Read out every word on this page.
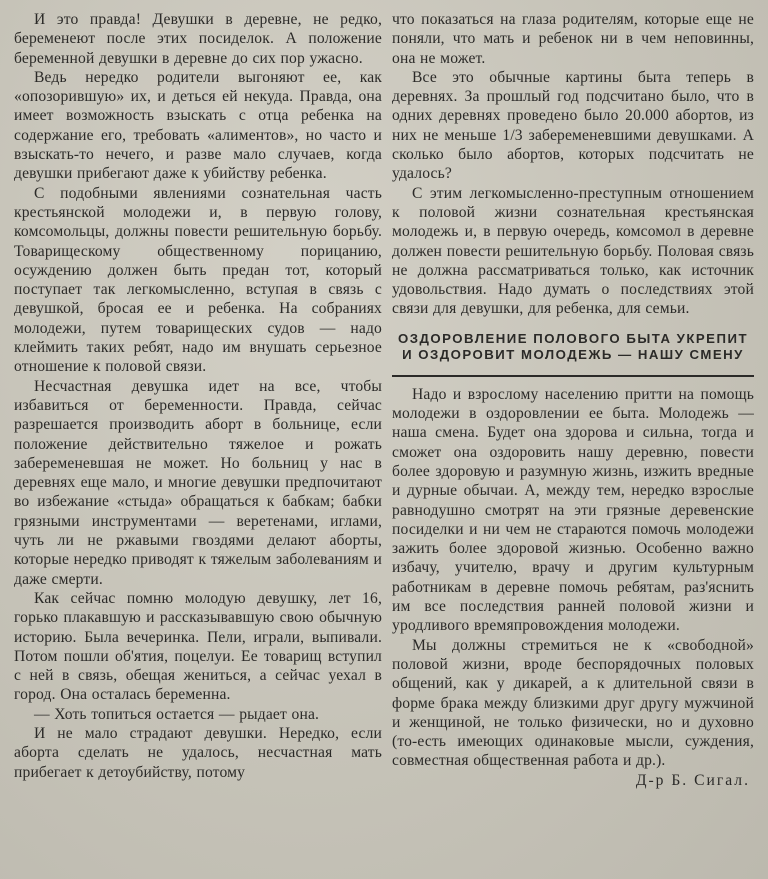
И это правда! Девушки в деревне, не редко, беременеют после этих посиделок. А положение беременной девушки в деревне до сих пор ужасно.

Ведь нередко родители выгоняют ее, как «опозорившую» их, и деться ей некуда. Правда, она имеет возможность взыскать с отца ребенка на содержание его, требовать «алиментов», но часто и взыскать-то нечего, и разве мало случаев, когда девушки прибегают даже к убийству ребенка.

С подобными явлениями сознательная часть крестьянской молодежи и, в первую голову, комсомольцы, должны повести решительную борьбу. Товарищескому общественному порицанию, осуждению должен быть предан тот, который поступает так легкомысленно, вступая в связь с девушкой, бросая ее и ребенка. На собраниях молодежи, путем товарищеских судов — надо клеймить таких ребят, надо им внушать серьезное отношение к половой связи.

Несчастная девушка идет на все, чтобы избавиться от беременности. Правда, сейчас разрешается производить аборт в больнице, если положение действительно тяжелое и рожать забеременевшая не может. Но больниц у нас в деревнях еще мало, и многие девушки предпочитают во избежание «стыда» обращаться к бабкам; бабки грязными инструментами — веретенами, иглами, чуть ли не ржавыми гвоздями делают аборты, которые нередко приводят к тяжелым заболеваниям и даже смерти.

Как сейчас помню молодую девушку, лет 16, горько плакавшую и рассказывавшую свою обычную историю. Была вечеринка. Пели, играли, выпивали. Потом пошли об'ятия, поцелуи. Ее товарищ вступил с ней в связь, обещая жениться, а сейчас уехал в город. Она осталась беременна.

— Хоть топиться остается — рыдает она.

И не мало страдают девушки. Нередко, если аборта сделать не удалось, несчастная мать прибегает к детоубийству, потому

что показаться на глаза родителям, которые еще не поняли, что мать и ребенок ни в чем неповинны, она не может.

Все это обычные картины быта теперь в деревнях. За прошлый год подсчитано было, что в одних деревнях проведено было 20.000 абортов, из них не меньше 1/3 забеременевшими девушками. А сколько было абортов, которых подсчитать не удалось?

С этим легкомысленно-преступным отношением к половой жизни сознательная крестьянская молодежь и, в первую очередь, комсомол в деревне должен повести решительную борьбу. Половая связь не должна рассматриваться только, как источник удовольствия. Надо думать о последствиях этой связи для девушки, для ребенка, для семьи.

ОЗДОРОВЛЕНИЕ ПОЛОВОГО БЫТА УКРЕПИТ И ОЗДОРОВИТ МОЛОДЕЖЬ — НАШУ СМЕНУ

Надо и взрослому населению притти на помощь молодежи в оздоровлении ее быта. Молодежь — наша смена. Будет она здорова и сильна, тогда и сможет она оздоровить нашу деревню, повести более здоровую и разумную жизнь, изжить вредные и дурные обычаи. А, между тем, нередко взрослые равнодушно смотрят на эти грязные деревенские посиделки и ни чем не стараются помочь молодежи зажить более здоровой жизнью. Особенно важно избачу, учителю, врачу и другим культурным работникам в деревне помочь ребятам, раз'яснить им все последствия ранней половой жизни и уродливого времяпровождения молодежи.

Мы должны стремиться не к «свободной» половой жизни, вроде беспорядочных половых общений, как у дикарей, а к длительной связи в форме брака между близкими друг другу мужчиной и женщиной, не только физически, но и духовно (то-есть имеющих одинаковые мысли, суждения, совместная общественная работа и др.).

Д-р Б. Сигал.
